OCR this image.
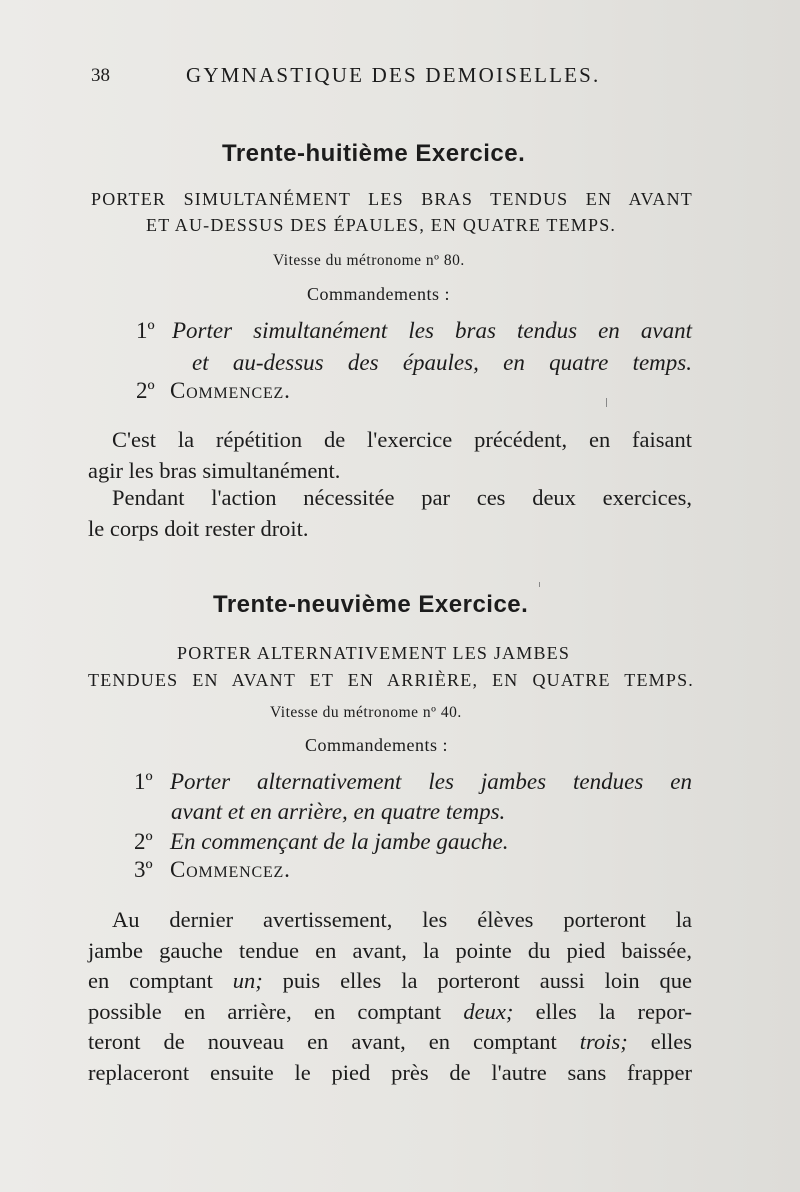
38	GYMNASTIQUE DES DEMOISELLES.
Trente-huitième Exercice.
PORTER SIMULTANÉMENT LES BRAS TENDUS EN AVANT
ET AU-DESSUS DES ÉPAULES, EN QUATRE TEMPS.
Vitesse du métronome nº 80.
Commandements :
1º Porter simultanément les bras tendus en avant
et au-dessus des épaules, en quatre temps.
2º Commencez.
C'est la répétition de l'exercice précédent, en faisant
agir les bras simultanément.
Pendant l'action nécessitée par ces deux exercices,
le corps doit rester droit.
Trente-neuvième Exercice.
PORTER ALTERNATIVEMENT LES JAMBES
TENDUES EN AVANT ET EN ARRIÈRE, EN QUATRE TEMPS.
Vitesse du métronome nº 40.
Commandements :
1º Porter alternativement les jambes tendues en
avant et en arrière, en quatre temps.
2º En commençant de la jambe gauche.
3º Commencez.
Au dernier avertissement, les élèves porteront la
jambe gauche tendue en avant, la pointe du pied baissée,
en comptant un; puis elles la porteront aussi loin que
possible en arrière, en comptant deux; elles la repor-
teront de nouveau en avant, en comptant trois; elles
replaceront ensuite le pied près de l'autre sans frapper
